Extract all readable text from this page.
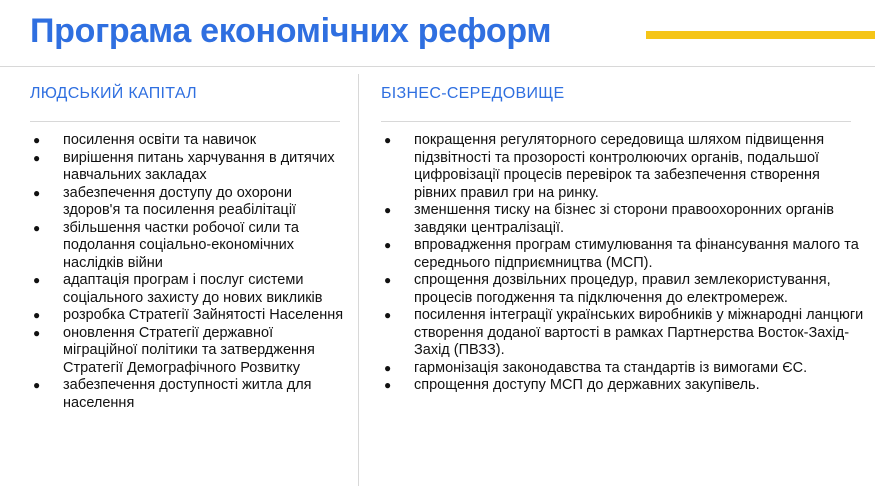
Програма економічних реформ
ЛЮДСЬКИЙ КАПІТАЛ	БІЗНЕС-СЕРЕДОВИЩЕ
● посилення освіти та навичок
● вирішення питань харчування в дитячих навчальних закладах
● забезпечення доступу до охорони здоров'я та посилення реабілітації
● збільшення частки робочої сили та подолання соціально-економічних наслідків війни
● адаптація програм і послуг системи соціального захисту до нових викликів
● розробка Стратегії Зайнятості Населення
● оновлення Стратегії державної міграційної політики та затвердження Стратегії Демографічного Розвитку
● забезпечення доступності житла для населення
● покращення регуляторного середовища шляхом підвищення підзвітності та прозорості контролюючих органів, подальшої цифровізації процесів перевірок та забезпечення створення рівних правил гри на ринку.
● зменшення тиску на бізнес зі сторони правоохоронних органів завдяки централізації.
● впровадження програм стимулювання та фінансування малого та середнього підприємництва (МСП).
● спрощення дозвільних процедур, правил землекористування, процесів погодження та підключення до електромереж.
● посилення інтеграції українських виробників у міжнародні ланцюги створення доданої вартості в рамках Партнерства Восток-Захід-Захід (ПВЗЗ).
● гармонізація законодавства та стандартів із вимогами ЄС.
● спрощення доступу МСП до державних закупівель.
